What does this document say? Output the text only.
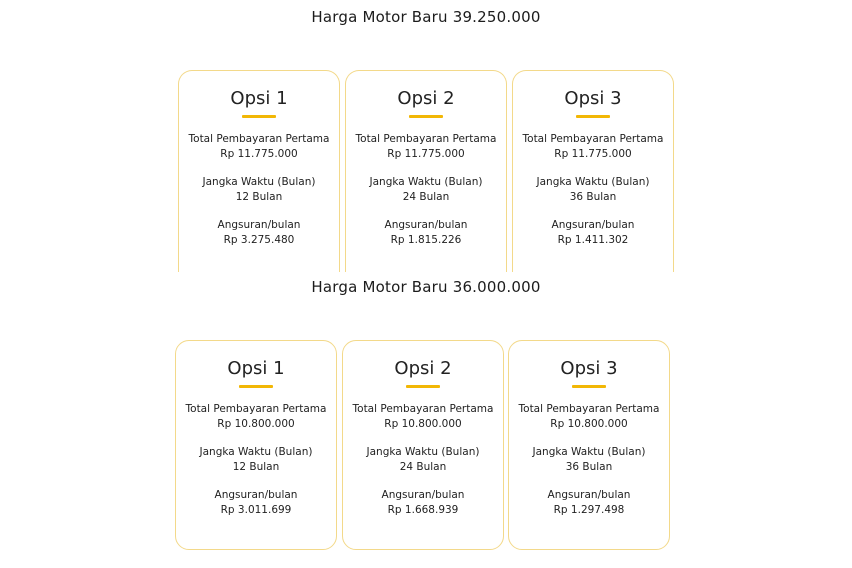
Harga Motor Baru 39.250.000
Opsi 1
Total Pembayaran Pertama
Rp 11.775.000
Jangka Waktu (Bulan)
12 Bulan
Angsuran/bulan
Rp 3.275.480
Opsi 2
Total Pembayaran Pertama
Rp 11.775.000
Jangka Waktu (Bulan)
24 Bulan
Angsuran/bulan
Rp 1.815.226
Opsi 3
Total Pembayaran Pertama
Rp 11.775.000
Jangka Waktu (Bulan)
36 Bulan
Angsuran/bulan
Rp 1.411.302
Harga Motor Baru 36.000.000
Opsi 1
Total Pembayaran Pertama
Rp 10.800.000
Jangka Waktu (Bulan)
12 Bulan
Angsuran/bulan
Rp 3.011.699
Opsi 2
Total Pembayaran Pertama
Rp 10.800.000
Jangka Waktu (Bulan)
24 Bulan
Angsuran/bulan
Rp 1.668.939
Opsi 3
Total Pembayaran Pertama
Rp 10.800.000
Jangka Waktu (Bulan)
36 Bulan
Angsuran/bulan
Rp 1.297.498
